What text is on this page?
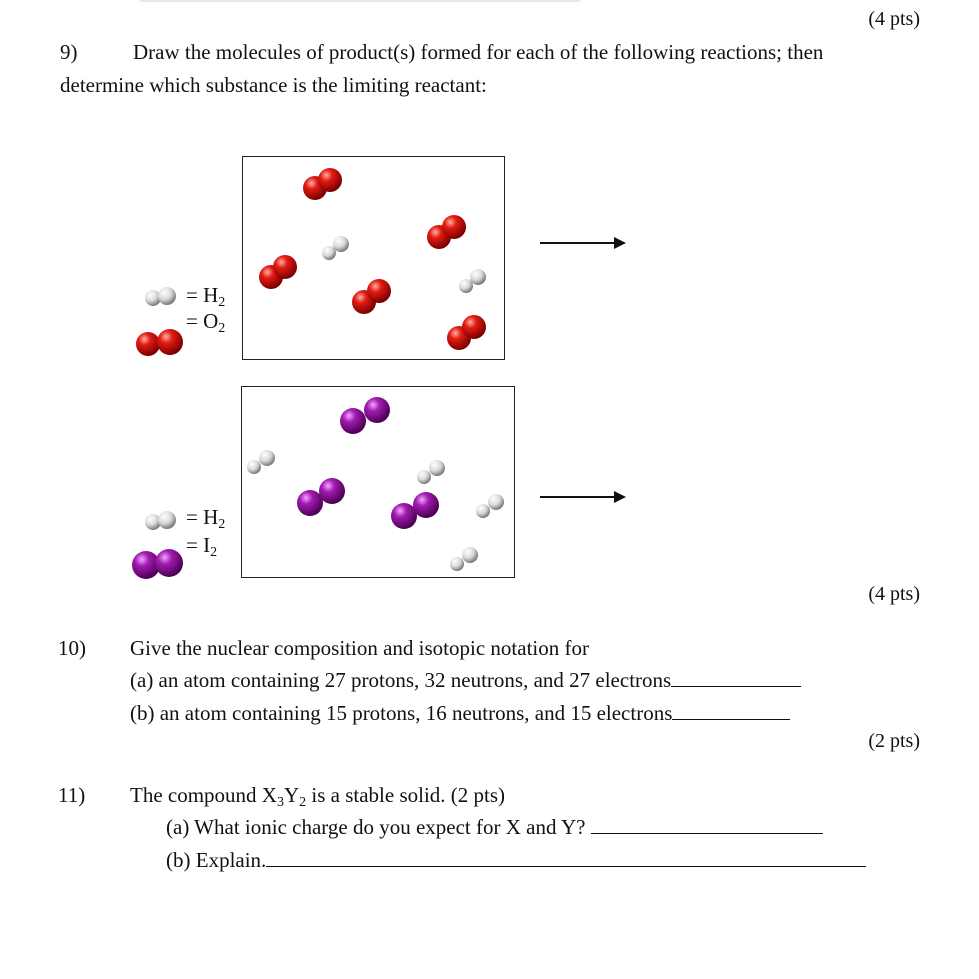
(4 pts)
9)	Draw the molecules of product(s) formed for each of the following reactions; then
determine which substance is the limiting reactant:
= $H_2$
= $O_2$
= $H_2$
= $I_2$
(4 pts)
10) Give the nuclear composition and isotopic notation for
(a) an atom containing 27 protons, 32 neutrons, and 27 electrons
(b) an atom containing 15 protons, 16 neutrons, and 15 electrons
(2 pts)
11) The compound $X_3Y_2$ is a stable solid. (2 pts)
(a) What ionic charge do you expect for X and Y?
(b) Explain.
